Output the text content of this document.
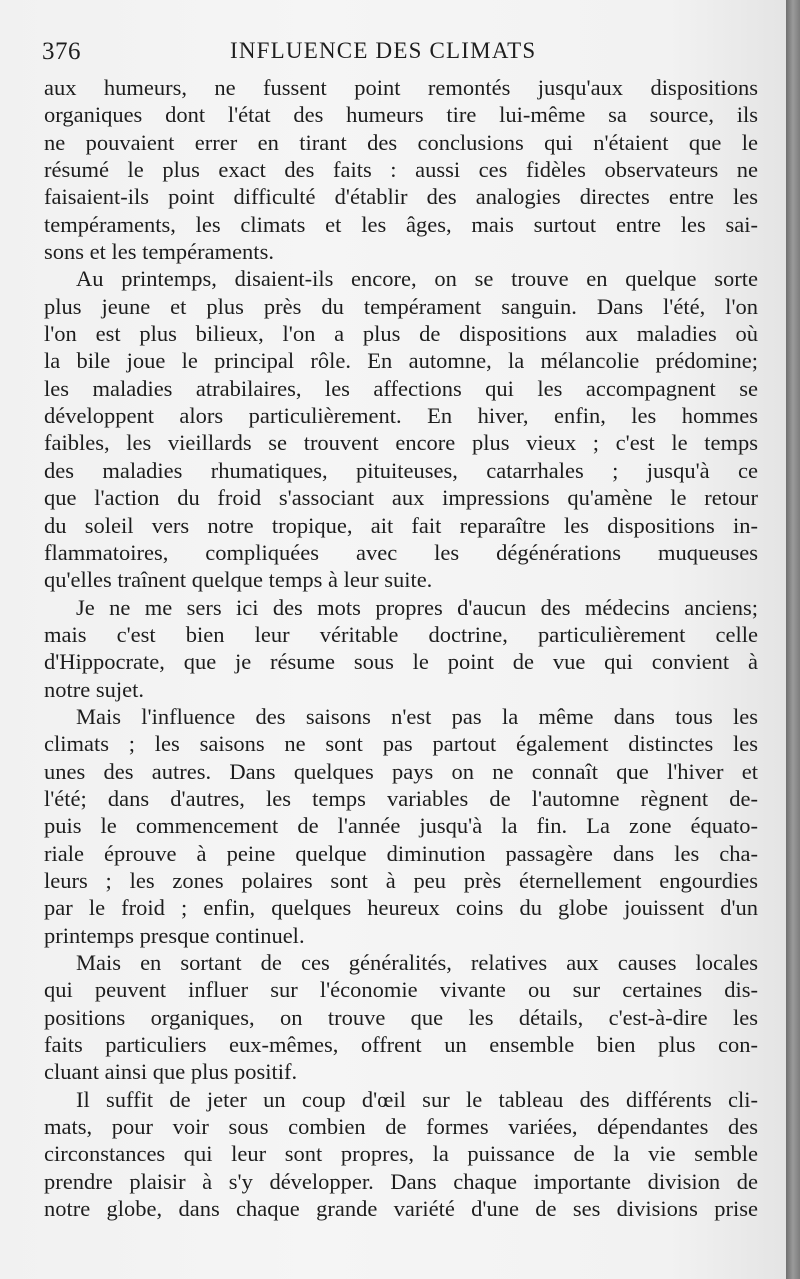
376	INFLUENCE DES CLIMATS
aux humeurs, ne fussent point remontés jusqu'aux dispositions
organiques dont l'état des humeurs tire lui-même sa source, ils
ne pouvaient errer en tirant des conclusions qui n'étaient que le
résumé le plus exact des faits : aussi ces fidèles observateurs ne
faisaient-ils point difficulté d'établir des analogies directes entre les
tempéraments, les climats et les âges, mais surtout entre les sai-
sons et les tempéraments.
Au printemps, disaient-ils encore, on se trouve en quelque sorte
plus jeune et plus près du tempérament sanguin. Dans l'été, l'on
l'on est plus bilieux, l'on a plus de dispositions aux maladies où
la bile joue le principal rôle. En automne, la mélancolie prédomine;
les maladies atrabilaires, les affections qui les accompagnent se
développent alors particulièrement. En hiver, enfin, les hommes
faibles, les vieillards se trouvent encore plus vieux ; c'est le temps
des maladies rhumatiques, pituiteuses, catarrhales ; jusqu'à ce
que l'action du froid s'associant aux impressions qu'amène le retour
du soleil vers notre tropique, ait fait reparaître les dispositions in-
flammatoires, compliquées avec les dégénérations muqueuses
qu'elles traînent quelque temps à leur suite.
Je ne me sers ici des mots propres d'aucun des médecins anciens;
mais c'est bien leur véritable doctrine, particulièrement celle
d'Hippocrate, que je résume sous le point de vue qui convient à
notre sujet.
Mais l'influence des saisons n'est pas la même dans tous les
climats ; les saisons ne sont pas partout également distinctes les
unes des autres. Dans quelques pays on ne connaît que l'hiver et
l'été; dans d'autres, les temps variables de l'automne règnent de-
puis le commencement de l'année jusqu'à la fin. La zone équato-
riale éprouve à peine quelque diminution passagère dans les cha-
leurs ; les zones polaires sont à peu près éternellement engourdies
par le froid ; enfin, quelques heureux coins du globe jouissent d'un
printemps presque continuel.
Mais en sortant de ces généralités, relatives aux causes locales
qui peuvent influer sur l'économie vivante ou sur certaines dis-
positions organiques, on trouve que les détails, c'est-à-dire les
faits particuliers eux-mêmes, offrent un ensemble bien plus con-
cluant ainsi que plus positif.
Il suffit de jeter un coup d'œil sur le tableau des différents cli-
mats, pour voir sous combien de formes variées, dépendantes des
circonstances qui leur sont propres, la puissance de la vie semble
prendre plaisir à s'y développer. Dans chaque importante division de
notre globe, dans chaque grande variété d'une de ses divisions prise
